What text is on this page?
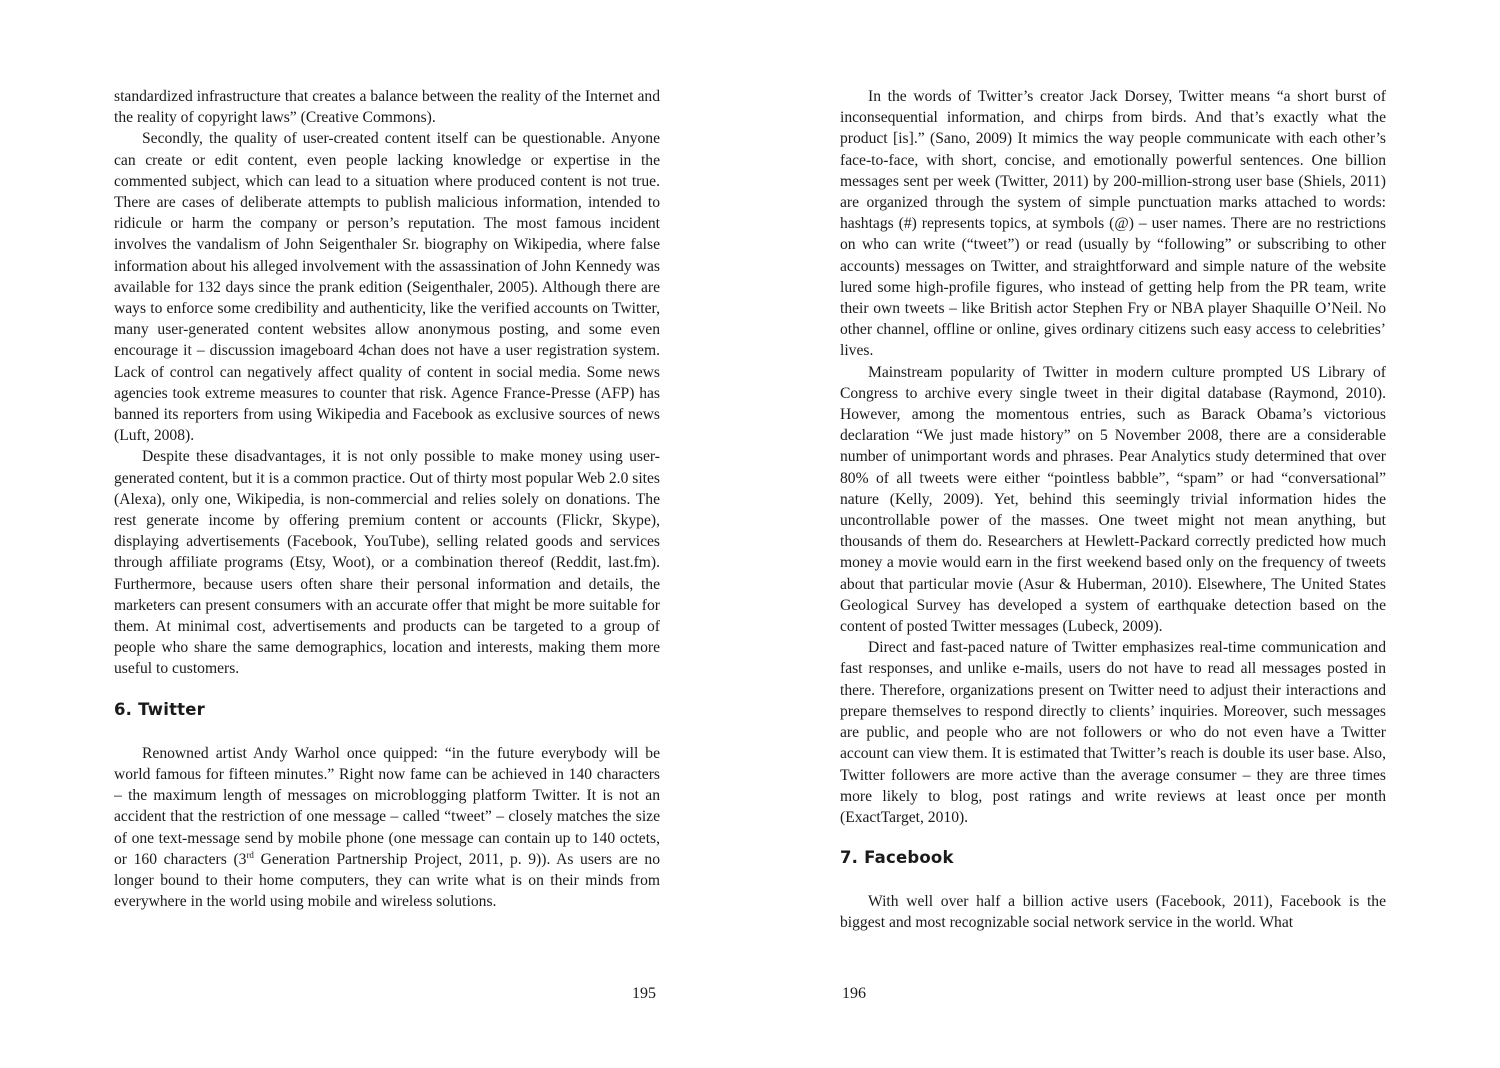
standardized infrastructure that creates a balance between the reality of the Internet and the reality of copyright laws” (Creative Commons).

Secondly, the quality of user-created content itself can be questionable. Anyone can create or edit content, even people lacking knowledge or expertise in the commented subject, which can lead to a situation where produced content is not true. There are cases of deliberate attempts to publish malicious information, intended to ridicule or harm the company or person’s reputation. The most famous incident involves the vandalism of John Seigenthaler Sr. biography on Wikipedia, where false information about his alleged involvement with the assassination of John Kennedy was available for 132 days since the prank edition (Seigenthaler, 2005). Although there are ways to enforce some credibility and authenticity, like the verified accounts on Twitter, many user-generated content websites allow anonymous posting, and some even encourage it – discussion imageboard 4chan does not have a user registration system. Lack of control can negatively affect quality of content in social media. Some news agencies took extreme measures to counter that risk. Agence France-Presse (AFP) has banned its reporters from using Wikipedia and Facebook as exclusive sources of news (Luft, 2008).

Despite these disadvantages, it is not only possible to make money using user-generated content, but it is a common practice. Out of thirty most popular Web 2.0 sites (Alexa), only one, Wikipedia, is non-commercial and relies solely on donations. The rest generate income by offering premium content or accounts (Flickr, Skype), displaying advertisements (Facebook, YouTube), selling related goods and services through affiliate programs (Etsy, Woot), or a combination thereof (Reddit, last.fm). Furthermore, because users often share their personal information and details, the marketers can present consumers with an accurate offer that might be more suitable for them. At minimal cost, advertisements and products can be targeted to a group of people who share the same demographics, location and interests, making them more useful to customers.

6. Twitter

Renowned artist Andy Warhol once quipped: “in the future everybody will be world famous for fifteen minutes.” Right now fame can be achieved in 140 characters – the maximum length of messages on microblogging platform Twitter. It is not an accident that the restriction of one message – called “tweet” – closely matches the size of one text-message send by mobile phone (one message can contain up to 140 octets, or 160 characters (3rd Generation Partnership Project, 2011, p. 9)). As users are no longer bound to their home computers, they can write what is on their minds from everywhere in the world using mobile and wireless solutions.

195

In the words of Twitter’s creator Jack Dorsey, Twitter means “a short burst of inconsequential information, and chirps from birds. And that’s exactly what the product [is].” (Sano, 2009) It mimics the way people communicate with each other’s face-to-face, with short, concise, and emotionally powerful sentences. One billion messages sent per week (Twitter, 2011) by 200-million-strong user base (Shiels, 2011) are organized through the system of simple punctuation marks attached to words: hashtags (#) represents topics, at symbols (@) – user names. There are no restrictions on who can write (“tweet”) or read (usually by “following” or subscribing to other accounts) messages on Twitter, and straightforward and simple nature of the website lured some high-profile figures, who instead of getting help from the PR team, write their own tweets – like British actor Stephen Fry or NBA player Shaquille O’Neil. No other channel, offline or online, gives ordinary citizens such easy access to celebrities’ lives.

Mainstream popularity of Twitter in modern culture prompted US Library of Congress to archive every single tweet in their digital database (Raymond, 2010). However, among the momentous entries, such as Barack Obama’s victorious declaration “We just made history” on 5 November 2008, there are a considerable number of unimportant words and phrases. Pear Analytics study determined that over 80% of all tweets were either “pointless babble”, “spam” or had “conversational” nature (Kelly, 2009). Yet, behind this seemingly trivial information hides the uncontrollable power of the masses. One tweet might not mean anything, but thousands of them do. Researchers at Hewlett-Packard correctly predicted how much money a movie would earn in the first weekend based only on the frequency of tweets about that particular movie (Asur & Huberman, 2010). Elsewhere, The United States Geological Survey has developed a system of earthquake detection based on the content of posted Twitter messages (Lubeck, 2009).

Direct and fast-paced nature of Twitter emphasizes real-time communication and fast responses, and unlike e-mails, users do not have to read all messages posted in there. Therefore, organizations present on Twitter need to adjust their interactions and prepare themselves to respond directly to clients’ inquiries. Moreover, such messages are public, and people who are not followers or who do not even have a Twitter account can view them. It is estimated that Twitter’s reach is double its user base. Also, Twitter followers are more active than the average consumer – they are three times more likely to blog, post ratings and write reviews at least once per month (ExactTarget, 2010).

7. Facebook

With well over half a billion active users (Facebook, 2011), Facebook is the biggest and most recognizable social network service in the world. What

196
